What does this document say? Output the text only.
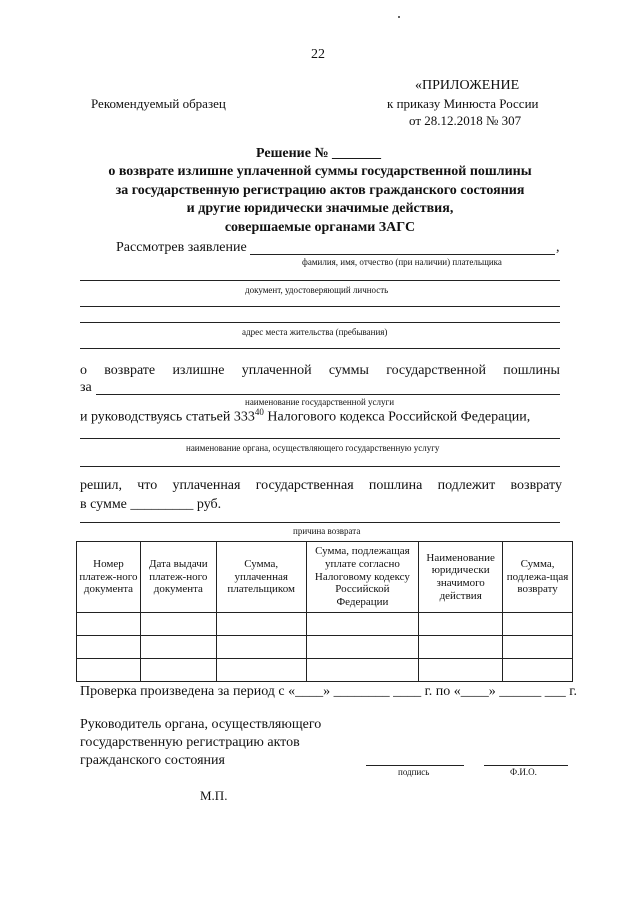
22
«ПРИЛОЖЕНИЕ
Рекомендуемый образец	к приказу Минюста России
от 28.12.2018 № 307
Решение № _______
о возврате излишне уплаченной суммы государственной пошлины
за государственную регистрацию актов гражданского состояния
и другие юридически значимые действия,
совершаемые органами ЗАГС
Рассмотрев заявление	,
фамилия, имя, отчество (при наличии) плательщика
документ, удостоверяющий личность
адрес места жительства (пребывания)
о возврате излишне уплаченной суммы государственной пошлины
за
наименование государственной услуги
и руководствуясь статьей $333^{40}$ Налогового кодекса Российской Федерации,
наименование органа, осуществляющего государственную услугу
решил, что уплаченная государственная пошлина подлежит возврату
в сумме _________ руб.
причина возврата
Номер платеж-ного документа	Дата выдачи платеж-ного документа	Сумма, уплаченная плательщиком	Сумма, подлежащая уплате согласно Налоговому кодексу Российской Федерации	Наименование юридически значимого действия	Сумма, подлежа-щая возврату

Проверка произведена за период с «____» ________ ____ г. по «____» ______ ___ г.
Руководитель органа, осуществляющего
государственную регистрацию актов
гражданского состояния
подпись	Ф.И.О.
М.П.
